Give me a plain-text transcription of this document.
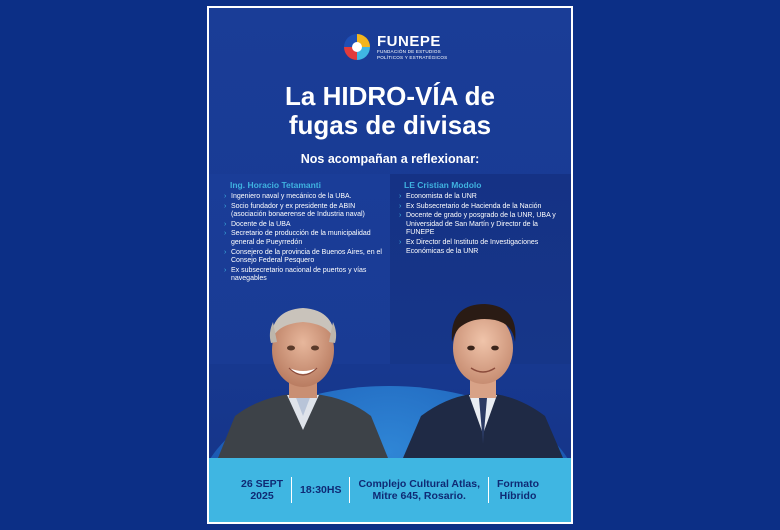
FUNEPE
FUNDACIÓN DE ESTUDIOS
POLÍTICOS Y ESTRATÉGICOS
La HIDRO-VÍA de
fugas de divisas
Nos acompañan a reflexionar:
Ing. Horacio Tetamanti
› Ingeniero naval y mecánico de la UBA.
› Socio fundador y ex presidente de ABIN (asociación bonaerense de Industria naval)
› Docente de la UBA
› Secretario de producción de la municipalidad general de Pueyrredón
› Consejero de la provincia de Buenos Aires, en el Consejo Federal Pesquero
› Ex subsecretario nacional de puertos y vías navegables
LE Cristian Modolo
› Economista de la UNR
› Ex Subsecretario de Hacienda de la Nación
› Docente de grado y posgrado de la UNR, UBA y Universidad de San Martín y Director de la FUNEPE
› Ex Director del Instituto de Investigaciones Económicas de la UNR
26 SEPT
2025	18:30HS	Complejo Cultural Atlas,
Mitre 645, Rosario.
Formato
Híbrido
